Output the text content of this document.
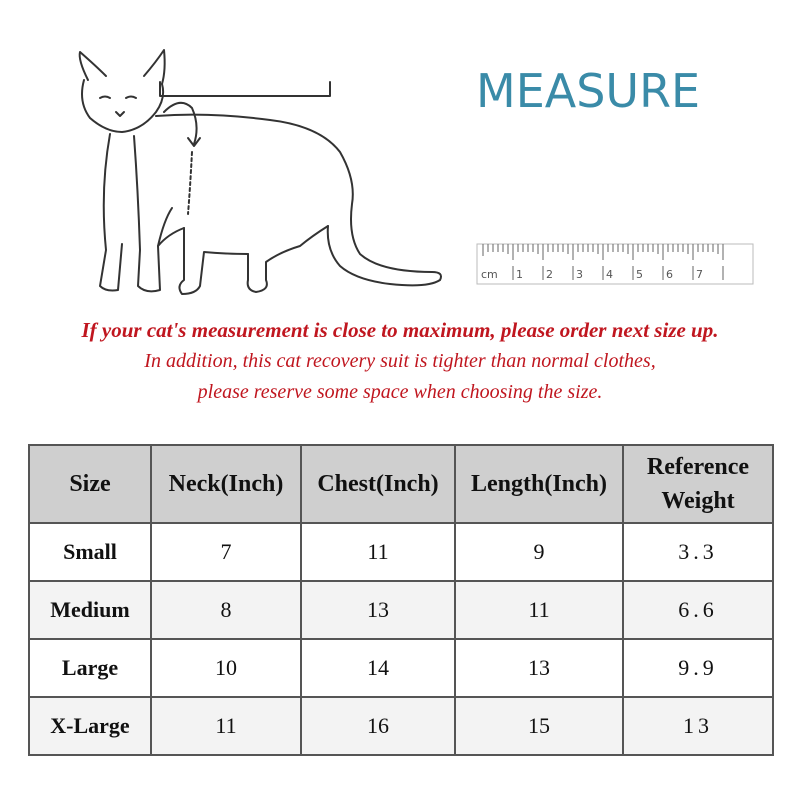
MEASURE
cm 1 2 3 4 5 6 7
If your cat's measurement is close to maximum, please order next size up.
In addition, this cat recovery suit is tighter than normal clothes,
please reserve some space when choosing the size.
Size	Neck(Inch)	Chest(Inch)	Length(Inch)	Reference
Weight
Small	7	11	9	3.3
Medium	8	13	11	6.6
Large	10	14	13	9.9
X-Large	11	16	15	13
